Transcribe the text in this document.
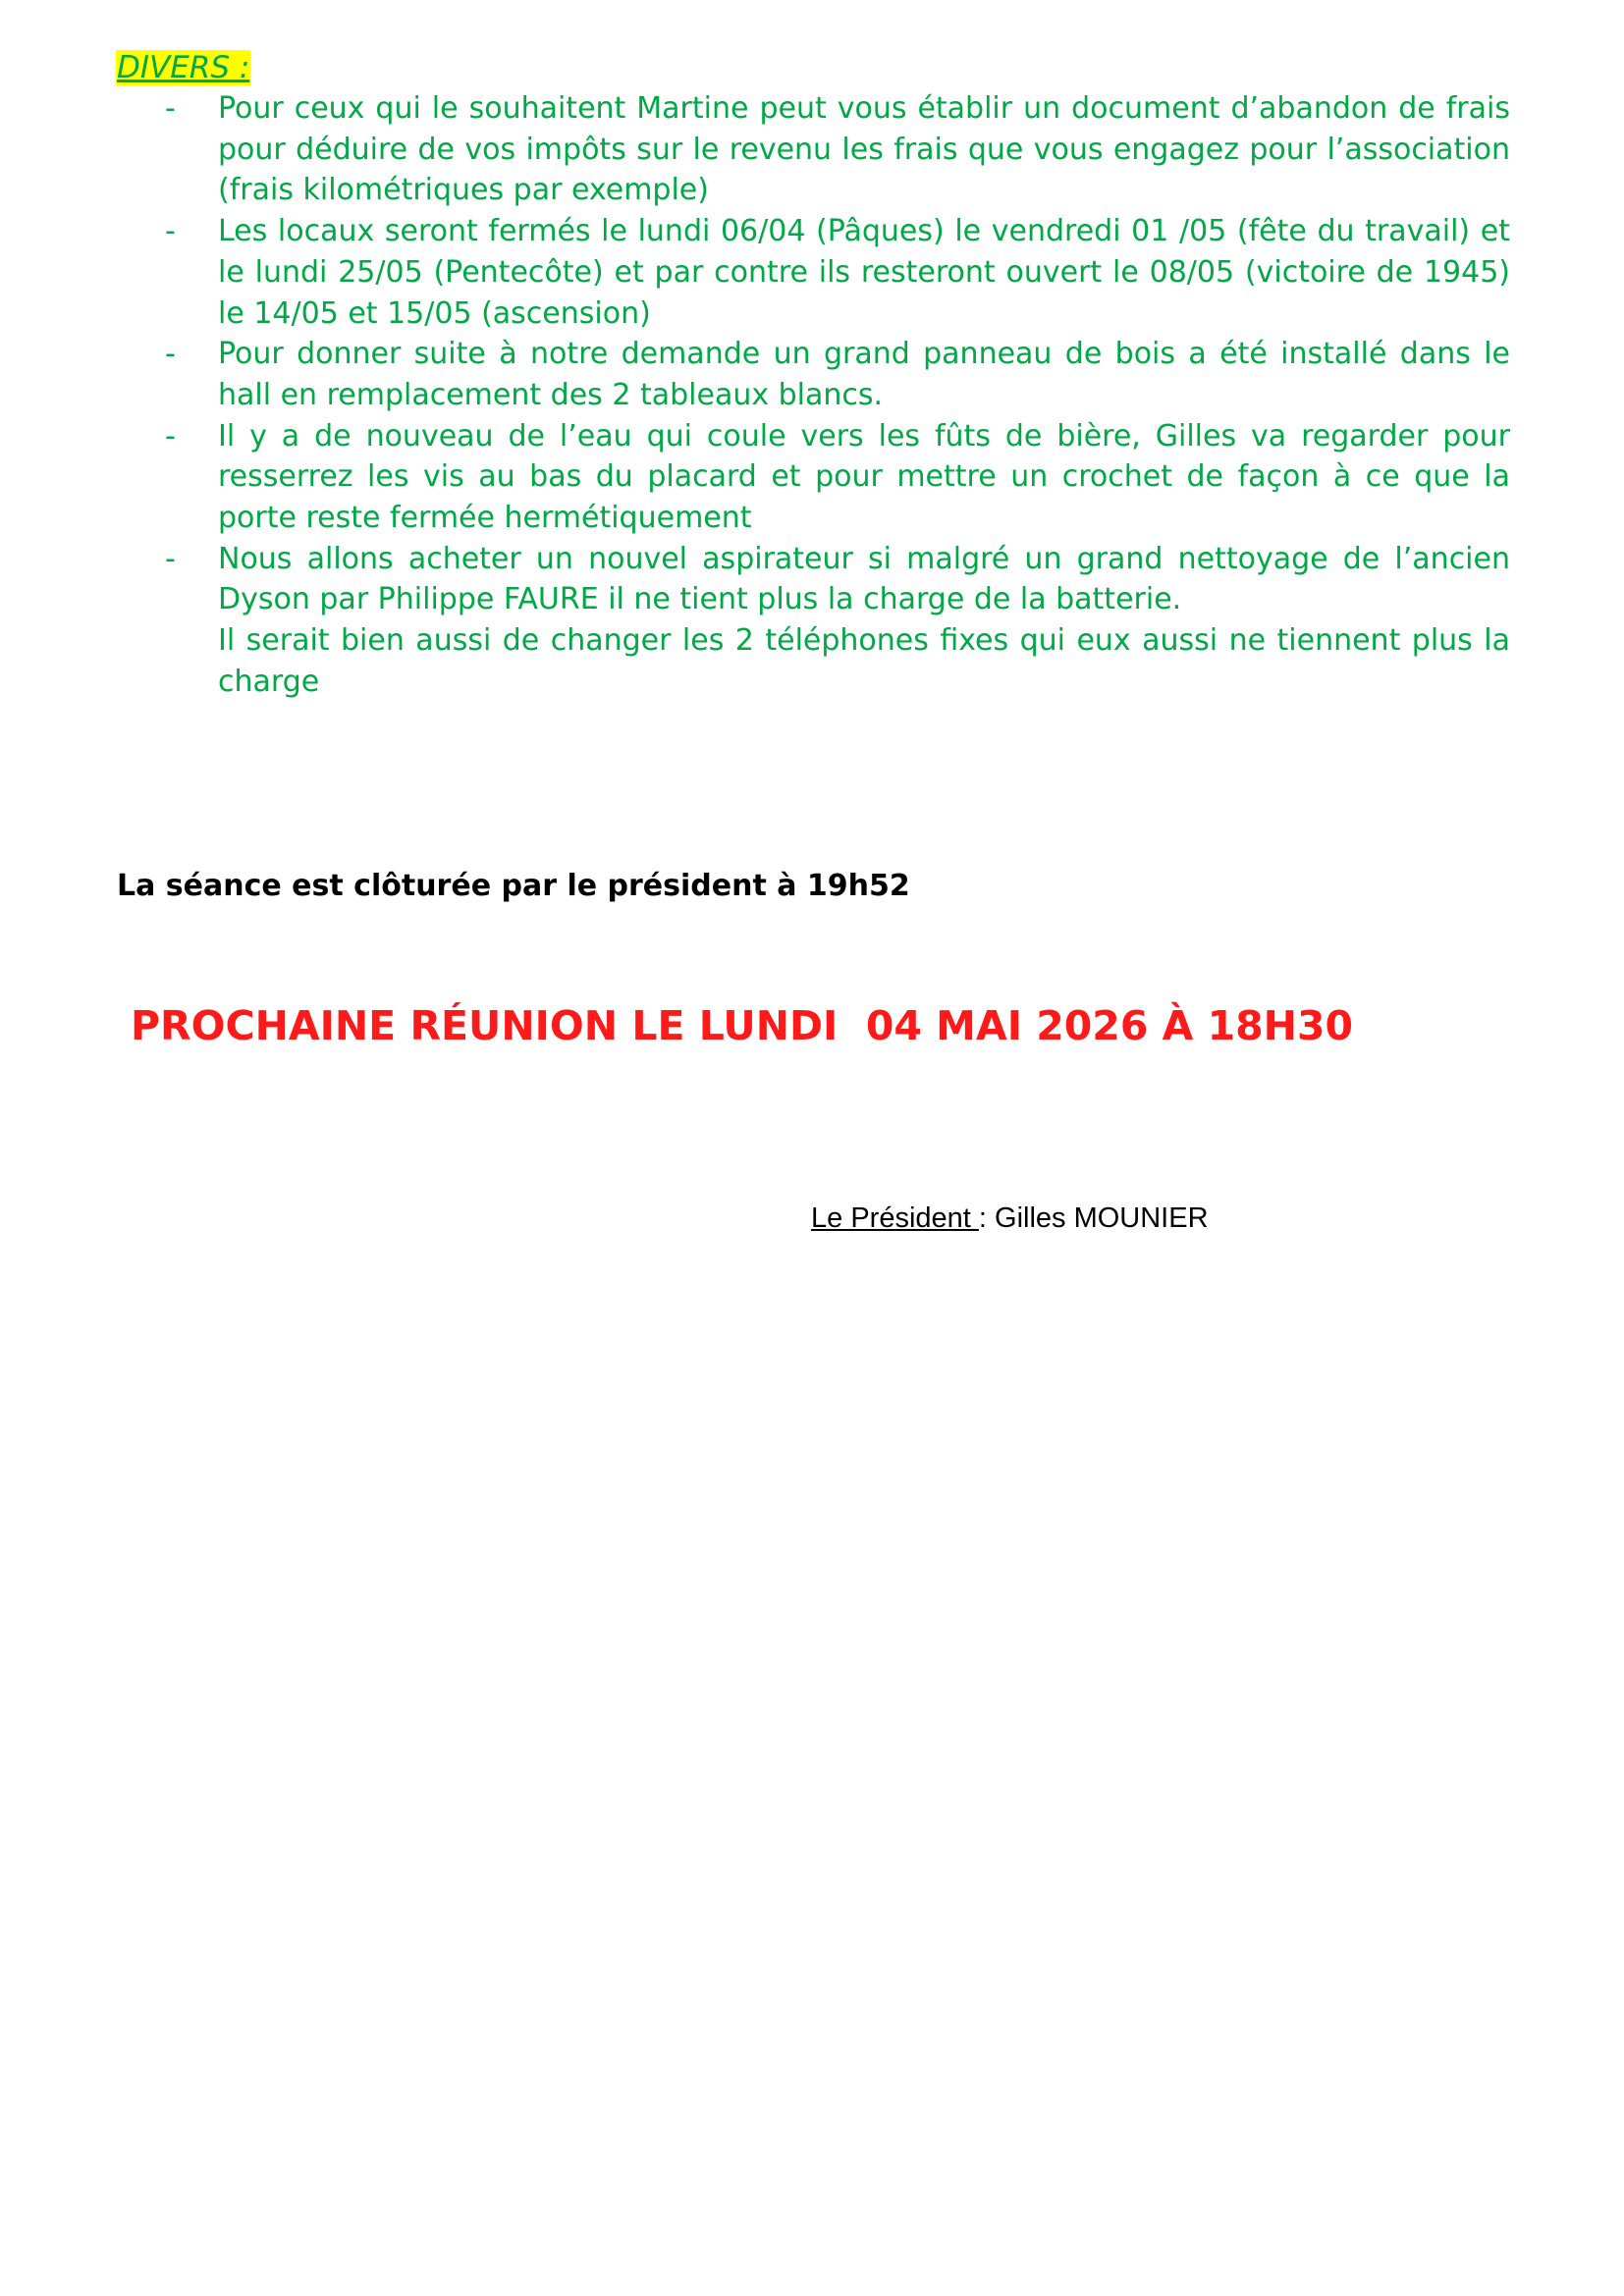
DIVERS :
-	Pour ceux qui le souhaitent Martine peut vous établir un document d’abandon de frais pour déduire de vos impôts sur le revenu les frais que vous engagez pour l’association (frais kilométriques par exemple)
-	Les locaux seront fermés le lundi 06/04 (Pâques) le vendredi 01 /05 (fête du travail) et le lundi 25/05 (Pentecôte) et par contre ils resteront ouvert le 08/05 (victoire de 1945) le 14/05 et 15/05 (ascension)
-	Pour donner suite à notre demande un grand panneau de bois a été installé dans le hall en remplacement des 2 tableaux blancs.
-	Il y a de nouveau de l’eau qui coule vers les fûts de bière, Gilles va regarder pour resserrez les vis au bas du placard et pour mettre un crochet de façon à ce que la porte reste fermée hermétiquement
-	Nous allons acheter un nouvel aspirateur si malgré un grand nettoyage de l’ancien Dyson par Philippe FAURE il ne tient plus la charge de la batterie.
Il serait bien aussi de changer les 2 téléphones fixes qui eux aussi ne tiennent plus la charge
La séance est clôturée par le président à 19h52
PROCHAINE RÉUNION LE LUNDI  04 MAI 2026 À 18H30
Le Président : Gilles MOUNIER
